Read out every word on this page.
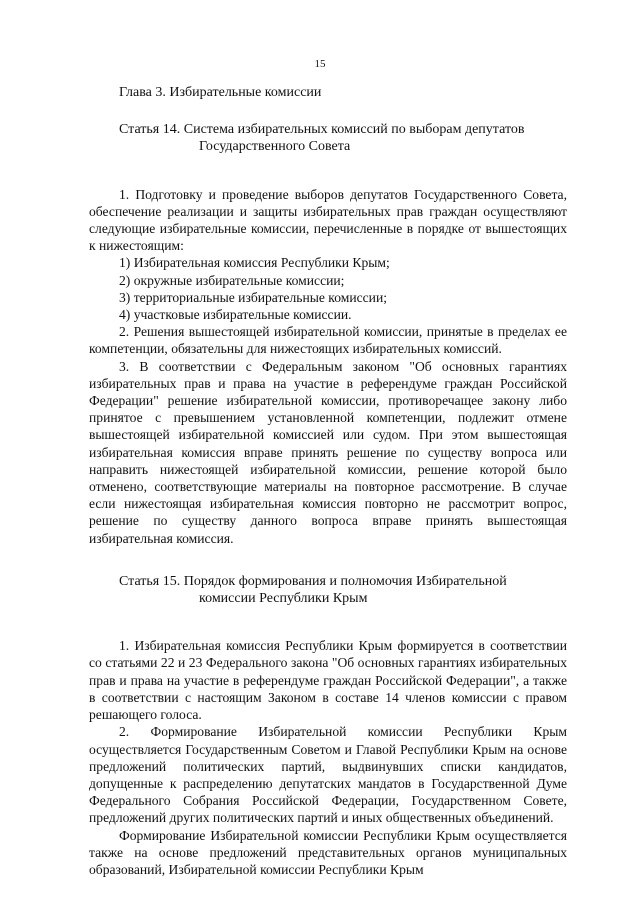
15

Глава 3. Избирательные комиссии

Статья 14. Система избирательных комиссий по выборам депутатов
Государственного Совета

1. Подготовку и проведение выборов депутатов Государственного Совета, обеспечение реализации и защиты избирательных прав граждан осуществляют следующие избирательные комиссии, перечисленные в порядке от вышестоящих к нижестоящим:

1) Избирательная комиссия Республики Крым;

2) окружные избирательные комиссии;

3) территориальные избирательные комиссии;

4) участковые избирательные комиссии.

2. Решения вышестоящей избирательной комиссии, принятые в пределах ее компетенции, обязательны для нижестоящих избирательных комиссий.

3. В соответствии с Федеральным законом "Об основных гарантиях избирательных прав и права на участие в референдуме граждан Российской Федерации" решение избирательной комиссии, противоречащее закону либо принятое с превышением установленной компетенции, подлежит отмене вышестоящей избирательной комиссией или судом. При этом вышестоящая избирательная комиссия вправе принять решение по существу вопроса или направить нижестоящей избирательной комиссии, решение которой было отменено, соответствующие материалы на повторное рассмотрение. В случае если нижестоящая избирательная комиссия повторно не рассмотрит вопрос, решение по существу данного вопроса вправе принять вышестоящая избирательная комиссия.

Статья 15. Порядок формирования и полномочия Избирательной
комиссии Республики Крым

1. Избирательная комиссия Республики Крым формируется в соответствии со статьями 22 и 23 Федерального закона "Об основных гарантиях избирательных прав и права на участие в референдуме граждан Российской Федерации", а также в соответствии с настоящим Законом в составе 14 членов комиссии с правом решающего голоса.

2. Формирование Избирательной комиссии Республики Крым осуществляется Государственным Советом и Главой Республики Крым на основе предложений политических партий, выдвинувших списки кандидатов, допущенные к распределению депутатских мандатов в Государственной Думе Федерального Собрания Российской Федерации, Государственном Совете, предложений других политических партий и иных общественных объединений.

Формирование Избирательной комиссии Республики Крым осуществляется также на основе предложений представительных органов муниципальных образований, Избирательной комиссии Республики Крым
